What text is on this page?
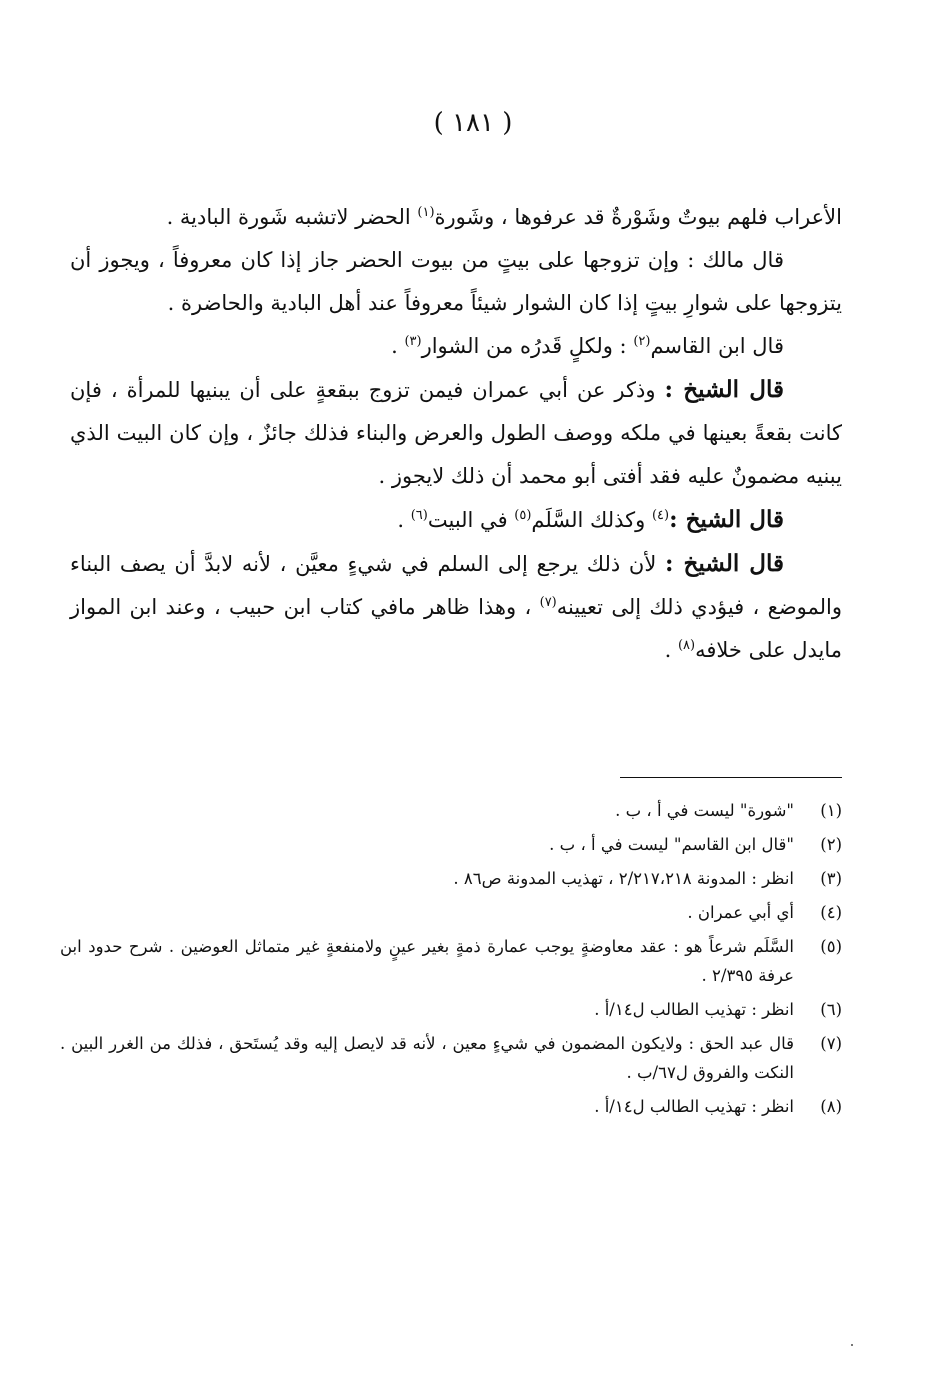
( ١٨١ )

الأعراب فلهم بيوتٌ وشَوْرةٌ قد عرفوها ، وشَورة$^{(١)}$ الحضر لاتشبه شَورة البادية .

قال مالك : وإن تزوجها على بيتٍ من بيوت الحضر جاز إذا كان معروفاً ، ويجوز أن يتزوجها على شوارِ بيتٍ إذا كان الشوار شيئاً معروفاً عند أهل البادية والحاضرة .

قال ابن القاسم$^{(٢)}$ : ولكلٍ قَدرُه من الشوار$^{(٣)}$ .

قال الشيخ : وذكر عن أبي عمران فيمن تزوج ببقعةٍ على أن يبنيها للمرأة ، فإن كانت بقعةً بعينها في ملكه ووصف الطول والعرض والبناء فذلك جائزٌ ، وإن كان البيت الذي يبنيه مضمونٌ عليه فقد أفتى أبو محمد أن ذلك لايجوز .

قال الشيخ :$^{(٤)}$ وكذلك السَّلَم$^{(٥)}$ في البيت$^{(٦)}$ .

قال الشيخ : لأن ذلك يرجع إلى السلم في شيءٍ معيَّن ، لأنه لابدَّ أن يصف البناء والموضع ، فيؤدي ذلك إلى تعيينه$^{(٧)}$ ، وهذا ظاهر مافي كتاب ابن حبيب ، وعند ابن المواز مايدل على خلافه$^{(٨)}$ .

(١)
"شورة" ليست في أ ، ب .
(٢)
"قال ابن القاسم" ليست في أ ، ب .
(٣)
انظر : المدونة ٢/٢١٧،٢١٨ ، تهذيب المدونة ص٨٦ .
(٤)
أي أبي عمران .
(٥)
السَّلَم شرعاً هو : عقد معاوضةٍ يوجب عمارة ذمةٍ بغير عينٍ ولامنفعةٍ غير متماثل العوضين . شرح حدود ابن عرفة ٢/٣٩٥ .
(٦)
انظر : تهذيب الطالب ل١٤/أ .
(٧)
قال عبد الحق : ولايكون المضمون في شيءٍ معين ، لأنه قد لايصل إليه وقد يُستَحق ، فذلك من الغرر البين . النكت والفروق ل٦٧/ب .
(٨)
انظر : تهذيب الطالب ل١٤/أ .
